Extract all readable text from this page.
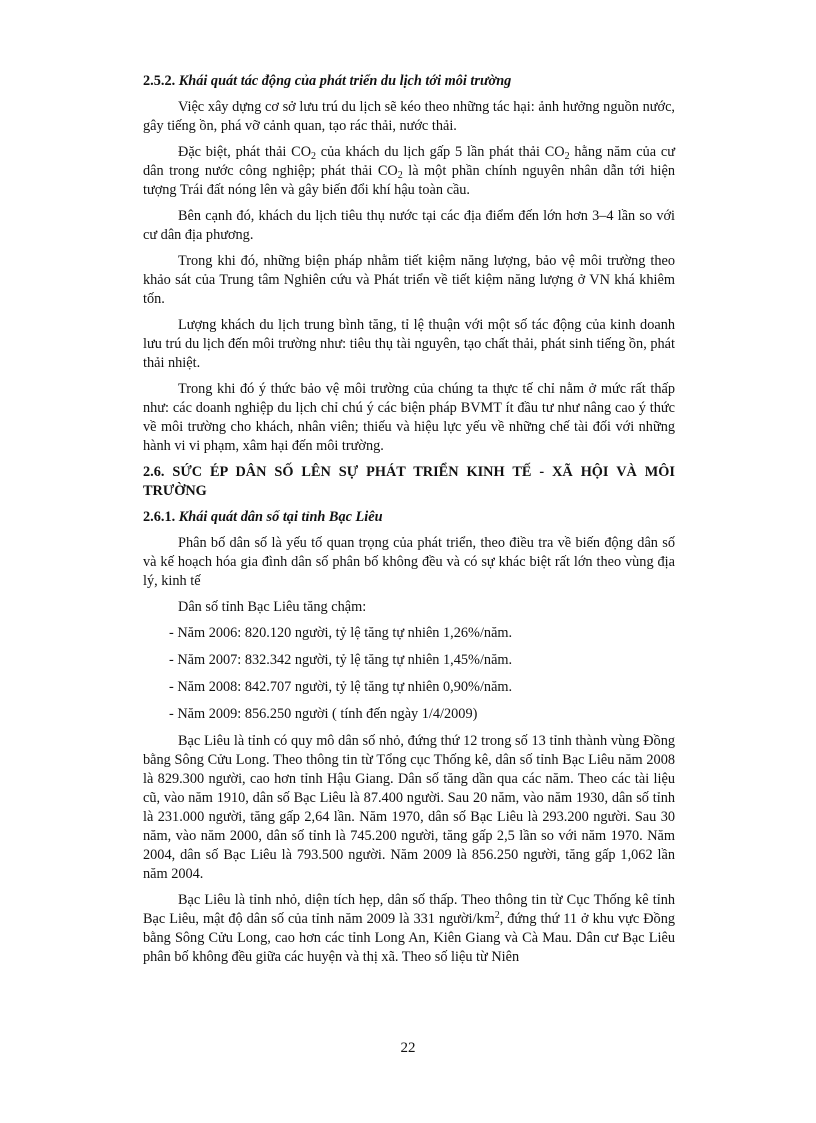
2.5.2. Khái quát tác động của phát triển du lịch tới môi trường

Việc xây dựng cơ sở lưu trú du lịch sẽ kéo theo những tác hại: ảnh hưởng nguồn nước, gây tiếng ồn, phá vỡ cảnh quan, tạo rác thải, nước thải.

Đặc biệt, phát thải $CO_2$ của khách du lịch gấp 5 lần phát thải $CO_2$ hằng năm của cư dân trong nước công nghiệp; phát thải $CO_2$ là một phần chính nguyên nhân dẫn tới hiện tượng Trái đất nóng lên và gây biến đổi khí hậu toàn cầu.

Bên cạnh đó, khách du lịch tiêu thụ nước tại các địa điểm đến lớn hơn 3–4 lần so với cư dân địa phương.

Trong khi đó, những biện pháp nhằm tiết kiệm năng lượng, bảo vệ môi trường theo khảo sát của Trung tâm Nghiên cứu và Phát triển về tiết kiệm năng lượng ở VN khá khiêm tốn.

Lượng khách du lịch trung bình tăng, tỉ lệ thuận với một số tác động của kinh doanh lưu trú du lịch đến môi trường như: tiêu thụ tài nguyên, tạo chất thải, phát sinh tiếng ồn, phát thải nhiệt.

Trong khi đó ý thức bảo vệ môi trường của chúng ta thực tế chỉ nằm ở mức rất thấp như: các doanh nghiệp du lịch chỉ chú ý các biện pháp BVMT ít đầu tư như nâng cao ý thức về môi trường cho khách, nhân viên; thiếu và hiệu lực yếu về những chế tài đối với những hành vi vi phạm, xâm hại đến môi trường.

2.6. SỨC ÉP DÂN SỐ LÊN SỰ PHÁT TRIỂN KINH TẾ - XÃ HỘI VÀ MÔI TRƯỜNG
2.6.1. Khái quát dân số tại tỉnh Bạc Liêu

Phân bố dân số là yếu tố quan trọng của phát triển, theo điều tra về biến động dân số và kế hoạch hóa gia đình dân số phân bố không đều và có sự khác biệt rất lớn theo vùng địa lý, kinh tế

Dân số tỉnh Bạc Liêu tăng chậm:

- Năm 2006: 820.120 người, tỷ lệ tăng tự nhiên 1,26%/năm.

- Năm 2007: 832.342 người, tỷ lệ tăng tự nhiên 1,45%/năm.

- Năm 2008: 842.707 người, tỷ lệ tăng tự nhiên 0,90%/năm.

- Năm 2009: 856.250 người ( tính đến ngày 1/4/2009)

Bạc Liêu là tỉnh có quy mô dân số nhỏ, đứng thứ 12 trong số 13 tỉnh thành vùng Đồng bằng Sông Cửu Long. Theo thông tin từ Tổng cục Thống kê, dân số tỉnh Bạc Liêu năm 2008 là 829.300 người, cao hơn tỉnh Hậu Giang. Dân số tăng dần qua các năm. Theo các tài liệu cũ, vào năm 1910, dân số Bạc Liêu là 87.400 người. Sau 20 năm, vào năm 1930, dân số tỉnh là 231.000 người, tăng gấp 2,64 lần. Năm 1970, dân số Bạc Liêu là 293.200 người. Sau 30 năm, vào năm 2000, dân số tỉnh là 745.200 người, tăng gấp 2,5 lần so với năm 1970. Năm 2004, dân số Bạc Liêu là 793.500 người. Năm 2009 là 856.250 người, tăng gấp 1,062 lần năm 2004.

Bạc Liêu là tỉnh nhỏ, diện tích hẹp, dân số thấp. Theo thông tin từ Cục Thống kê tỉnh Bạc Liêu, mật độ dân số của tỉnh năm 2009 là 331 người/$km^2$, đứng thứ 11 ở khu vực Đồng bằng Sông Cửu Long, cao hơn các tỉnh Long An, Kiên Giang và Cà Mau. Dân cư Bạc Liêu phân bố không đều giữa các huyện và thị xã. Theo số liệu từ Niên

22
